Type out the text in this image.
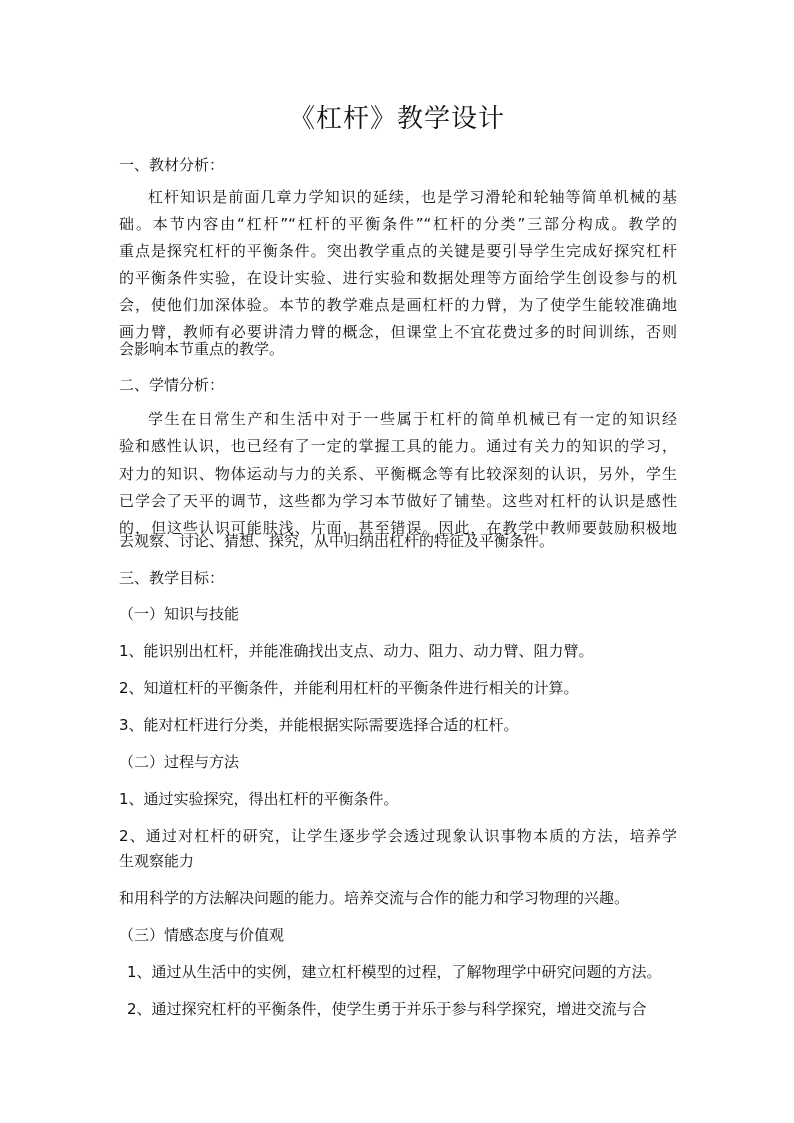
《杠杆》教学设计
一、教材分析：
杠杆知识是前面几章力学知识的延续，也是学习滑轮和轮轴等简单机械的基
础。本节内容由“杠杆”“杠杆的平衡条件”“杠杆的分类”三部分构成。教学的
重点是探究杠杆的平衡条件。突出教学重点的关键是要引导学生完成好探究杠杆
的平衡条件实验，在设计实验、进行实验和数据处理等方面给学生创设参与的机
会，使他们加深体验。本节的教学难点是画杠杆的力臂，为了使学生能较准确地
画力臂，教师有必要讲清力臂的概念，但课堂上不宜花费过多的时间训练，否则
会影响本节重点的教学。
二、学情分析：
学生在日常生产和生活中对于一些属于杠杆的简单机械已有一定的知识经
验和感性认识，也已经有了一定的掌握工具的能力。通过有关力的知识的学习，
对力的知识、物体运动与力的关系、平衡概念等有比较深刻的认识，另外，学生
已学会了天平的调节，这些都为学习本节做好了铺垫。这些对杠杆的认识是感性
的，但这些认识可能肤浅、片面，甚至错误。因此，在教学中教师要鼓励积极地
去观察、讨论、猜想、探究，从中归纳出杠杆的特征及平衡条件。
三、教学目标：
（一）知识与技能
1、能识别出杠杆，并能准确找出支点、动力、阻力、动力臂、阻力臂。
2、知道杠杆的平衡条件，并能利用杠杆的平衡条件进行相关的计算。
3、能对杠杆进行分类，并能根据实际需要选择合适的杠杆。
（二）过程与方法
1、通过实验探究，得出杠杆的平衡条件。
2、通过对杠杆的研究，让学生逐步学会透过现象认识事物本质的方法，培养学
生观察能力
和用科学的方法解决问题的能力。培养交流与合作的能力和学习物理的兴趣。
（三）情感态度与价值观
1、通过从生活中的实例，建立杠杆模型的过程，了解物理学中研究问题的方法。
2、通过探究杠杆的平衡条件，使学生勇于并乐于参与科学探究，增进交流与合
